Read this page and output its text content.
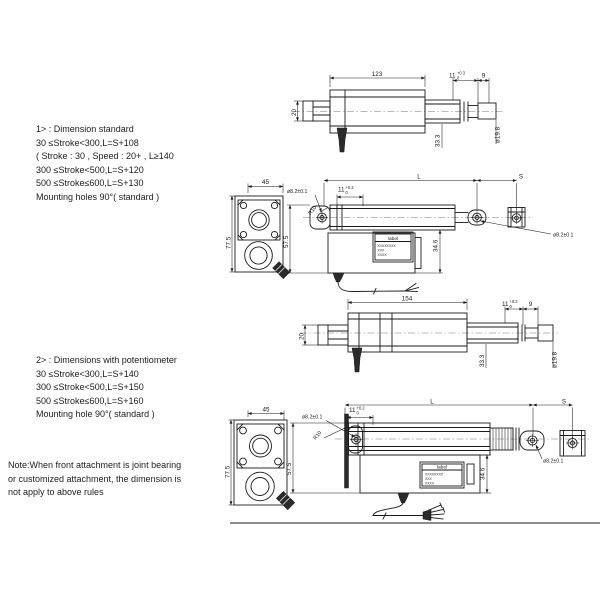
1> : Dimension standard
30 ≤Stroke<300,L=S+108
( Stroke : 30 , Speed : 20+ , L≥140
300 ≤Stroke<500,L=S+120
500 ≤Stroke≤600,L=S+130
Mounting holes 90°( standard )
2> : Dimensions with potentiometer
30 ≤Stroke<300,L=S+140
300 ≤Stroke<500,L=S+150
500 ≤Stroke≤600,L=S+160
Mounting hole 90°( standard )
Note:When front attachment is joint bearing
or customized attachment, the dimension is
not apply to above rules
123
20
11 +0.3
0	9
33.3	ø19.8
45
77.5	label
XXXXXXXX
XXX
XXXX
L	S
11 +0.2
0
ø8.2±0.1
R10
ø8.2±0.1
57.5	34.6
154
20
11 +0.3
0	9
33.3	ø19.8
45
77.5	label
XXXXXXXX
XXX
XXXX
L	S
11 +0.2
0
ø8.2±0.1
R10
ø8.2±0.1
57.5	34.6
